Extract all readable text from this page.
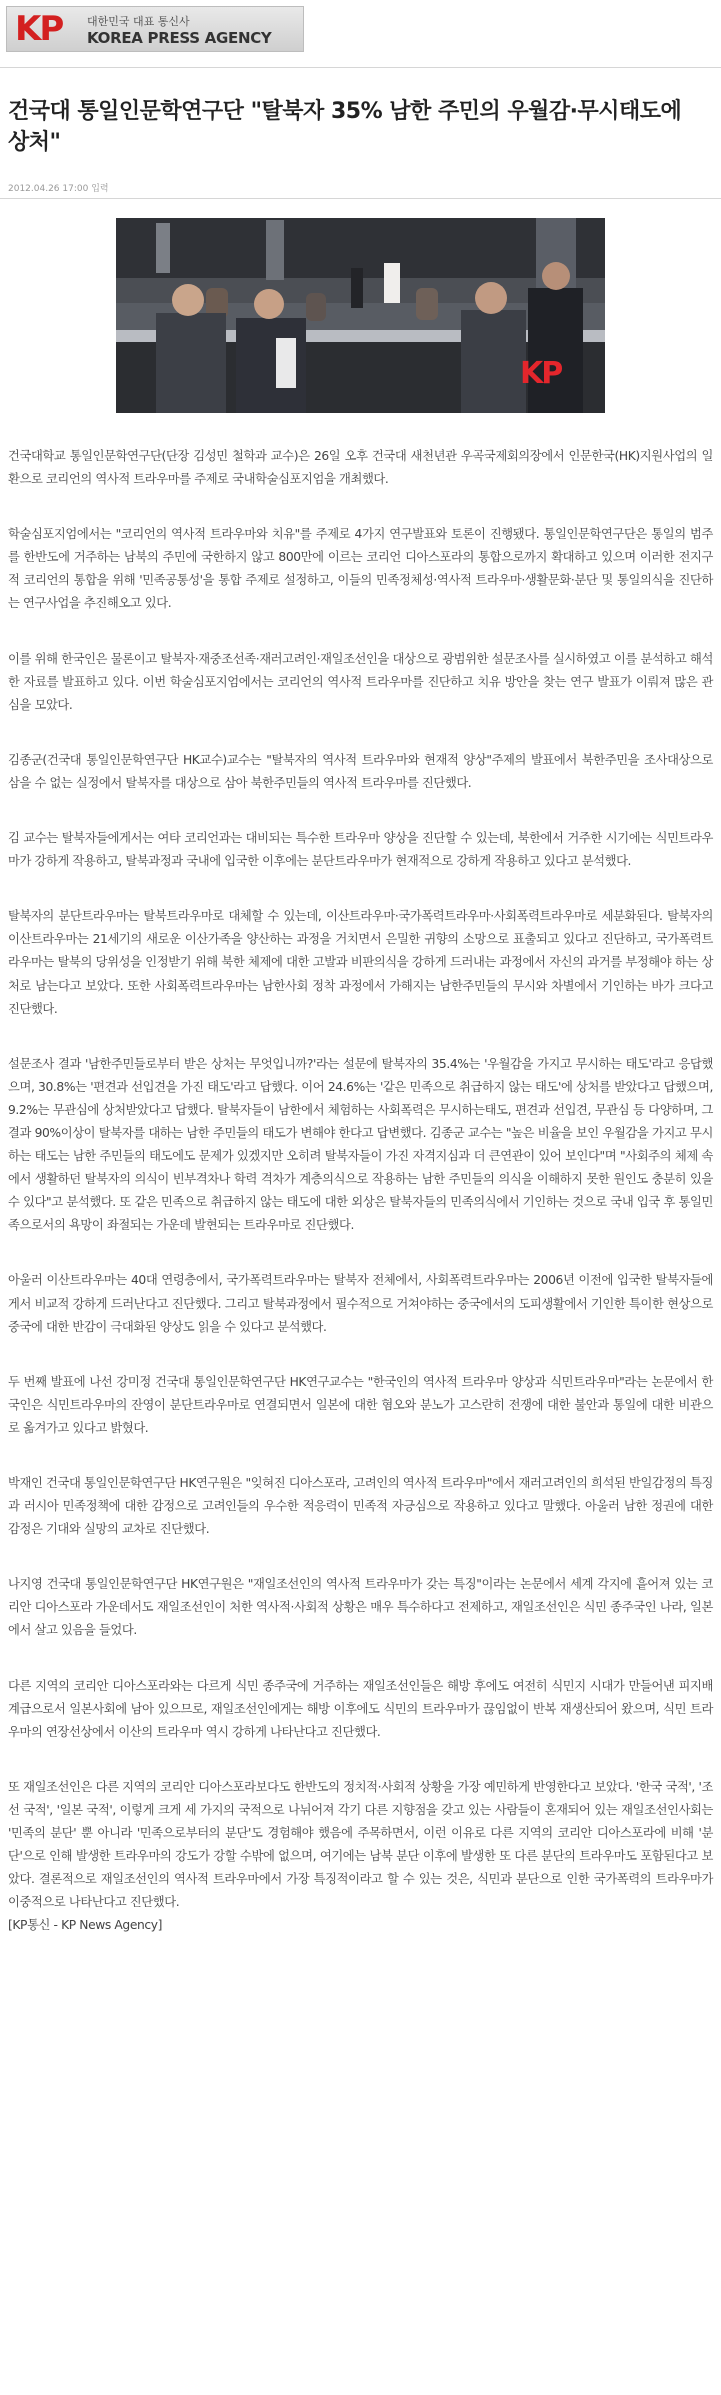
KP 대한민국 대표 통신사
KOREA PRESS AGENCY
건국대 통일인문학연구단 "탈북자 35% 남한 주민의 우월감·무시태도에 상처"
2012.04.26 17:00 입력
KP

건국대학교 통일인문학연구단(단장 김성민 철학과 교수)은 26일 오후 건국대 새천년관 우곡국제회의장에서 인문한국(HK)지원사업의 일환으로 코리언의 역사적 트라우마를 주제로 국내학술심포지엄을 개최했다.

학술심포지엄에서는 "코리언의 역사적 트라우마와 치유"를 주제로 4가지 연구발표와 토론이 진행됐다. 통일인문학연구단은 통일의 범주를 한반도에 거주하는 남북의 주민에 국한하지 않고 800만에 이르는 코리언 디아스포라의 통합으로까지 확대하고 있으며 이러한 전지구적 코리언의 통합을 위해 '민족공통성'을 통합 주제로 설정하고, 이들의 민족정체성·역사적 트라우마·생활문화·분단 및 통일의식을 진단하는 연구사업을 추진해오고 있다.

이를 위해 한국인은 물론이고 탈북자·재중조선족·재러고려인·재일조선인을 대상으로 광범위한 설문조사를 실시하였고 이를 분석하고 해석한 자료를 발표하고 있다. 이번 학술심포지엄에서는 코리언의 역사적 트라우마를 진단하고 치유 방안을 찾는 연구 발표가 이뤄져 많은 관심을 모았다.

김종군(건국대 통일인문학연구단 HK교수)교수는 "탈북자의 역사적 트라우마와 현재적 양상"주제의 발표에서 북한주민을 조사대상으로 삼을 수 없는 실정에서 탈북자를 대상으로 삼아 북한주민들의 역사적 트라우마를 진단했다.

김 교수는 탈북자들에게서는 여타 코리언과는 대비되는 특수한 트라우마 양상을 진단할 수 있는데, 북한에서 거주한 시기에는 식민트라우마가 강하게 작용하고, 탈북과정과 국내에 입국한 이후에는 분단트라우마가 현재적으로 강하게 작용하고 있다고 분석했다.

탈북자의 분단트라우마는 탈북트라우마로 대체할 수 있는데, 이산트라우마·국가폭력트라우마·사회폭력트라우마로 세분화된다. 탈북자의 이산트라우마는 21세기의 새로운 이산가족을 양산하는 과정을 거치면서 은밀한 귀향의 소망으로 표출되고 있다고 진단하고, 국가폭력트라우마는 탈북의 당위성을 인정받기 위해 북한 체제에 대한 고발과 비판의식을 강하게 드러내는 과정에서 자신의 과거를 부정해야 하는 상처로 남는다고 보았다. 또한 사회폭력트라우마는 남한사회 정착 과정에서 가해지는 남한주민들의 무시와 차별에서 기인하는 바가 크다고 진단했다.

설문조사 결과 '남한주민들로부터 받은 상처는 무엇입니까?'라는 설문에 탈북자의 35.4%는 '우월감을 가지고 무시하는 태도'라고 응답했으며, 30.8%는 '편견과 선입견을 가진 태도'라고 답했다. 이어 24.6%는 '같은 민족으로 취급하지 않는 태도'에 상처를 받았다고 답했으며, 9.2%는 무관심에 상처받았다고 답했다. 탈북자들이 남한에서 체험하는 사회폭력은 무시하는태도, 편견과 선입견, 무관심 등 다양하며, 그 결과 90%이상이 탈북자를 대하는 남한 주민들의 태도가 변해야 한다고 답변했다. 김종군 교수는 "높은 비율을 보인 우월감을 가지고 무시하는 태도는 남한 주민들의 태도에도 문제가 있겠지만 오히려 탈북자들이 가진 자격지심과 더 큰연관이 있어 보인다"며 "사회주의 체제 속에서 생활하던 탈북자의 의식이 빈부격차나 학력 격차가 계층의식으로 작용하는 남한 주민들의 의식을 이해하지 못한 원인도 충분히 있을 수 있다"고 분석했다. 또 같은 민족으로 취급하지 않는 태도에 대한 외상은 탈북자들의 민족의식에서 기인하는 것으로 국내 입국 후 통일민족으로서의 욕망이 좌절되는 가운데 발현되는 트라우마로 진단했다.

아울러 이산트라우마는 40대 연령층에서, 국가폭력트라우마는 탈북자 전체에서, 사회폭력트라우마는 2006년 이전에 입국한 탈북자들에게서 비교적 강하게 드러난다고 진단했다. 그리고 탈북과정에서 필수적으로 거쳐야하는 중국에서의 도피생활에서 기인한 특이한 현상으로 중국에 대한 반감이 극대화된 양상도 읽을 수 있다고 분석했다.

두 번째 발표에 나선 강미정 건국대 통일인문학연구단 HK연구교수는 "한국인의 역사적 트라우마 양상과 식민트라우마"라는 논문에서 한국인은 식민트라우마의 잔영이 분단트라우마로 연결되면서 일본에 대한 혐오와 분노가 고스란히 전쟁에 대한 불안과 통일에 대한 비관으로 옮겨가고 있다고 밝혔다.

박재인 건국대 통일인문학연구단 HK연구원은 "잊혀진 디아스포라, 고려인의 역사적 트라우마"에서 재러고려인의 희석된 반일감정의 특징과 러시아 민족정책에 대한 감정으로 고려인들의 우수한 적응력이 민족적 자긍심으로 작용하고 있다고 말했다. 아울러 남한 정권에 대한 감정은 기대와 실망의 교차로 진단했다.

나지영 건국대 통일인문학연구단 HK연구원은 "재일조선인의 역사적 트라우마가 갖는 특징"이라는 논문에서 세계 각지에 흩어져 있는 코리안 디아스포라 가운데서도 재일조선인이 처한 역사적·사회적 상황은 매우 특수하다고 전제하고, 재일조선인은 식민 종주국인 나라, 일본에서 살고 있음을 들었다.

다른 지역의 코리안 디아스포라와는 다르게 식민 종주국에 거주하는 재일조선인들은 해방 후에도 여전히 식민지 시대가 만들어낸 피지배계급으로서 일본사회에 남아 있으므로, 재일조선인에게는 해방 이후에도 식민의 트라우마가 끊임없이 반복 재생산되어 왔으며, 식민 트라우마의 연장선상에서 이산의 트라우마 역시 강하게 나타난다고 진단했다.

또 재일조선인은 다른 지역의 코리안 디아스포라보다도 한반도의 정치적·사회적 상황을 가장 예민하게 반영한다고 보았다. '한국 국적', '조선 국적', '일본 국적', 이렇게 크게 세 가지의 국적으로 나뉘어져 각기 다른 지향점을 갖고 있는 사람들이 혼재되어 있는 재일조선인사회는 '민족의 분단' 뿐 아니라 '민족으로부터의 분단'도 경험해야 했음에 주목하면서, 이런 이유로 다른 지역의 코리안 디아스포라에 비해 '분단'으로 인해 발생한 트라우마의 강도가 강할 수밖에 없으며, 여기에는 남북 분단 이후에 발생한 또 다른 분단의 트라우마도 포함된다고 보았다. 결론적으로 재일조선인의 역사적 트라우마에서 가장 특징적이라고 할 수 있는 것은, 식민과 분단으로 인한 국가폭력의 트라우마가 이중적으로 나타난다고 진단했다.

[KP통신 - KP News Agency]
